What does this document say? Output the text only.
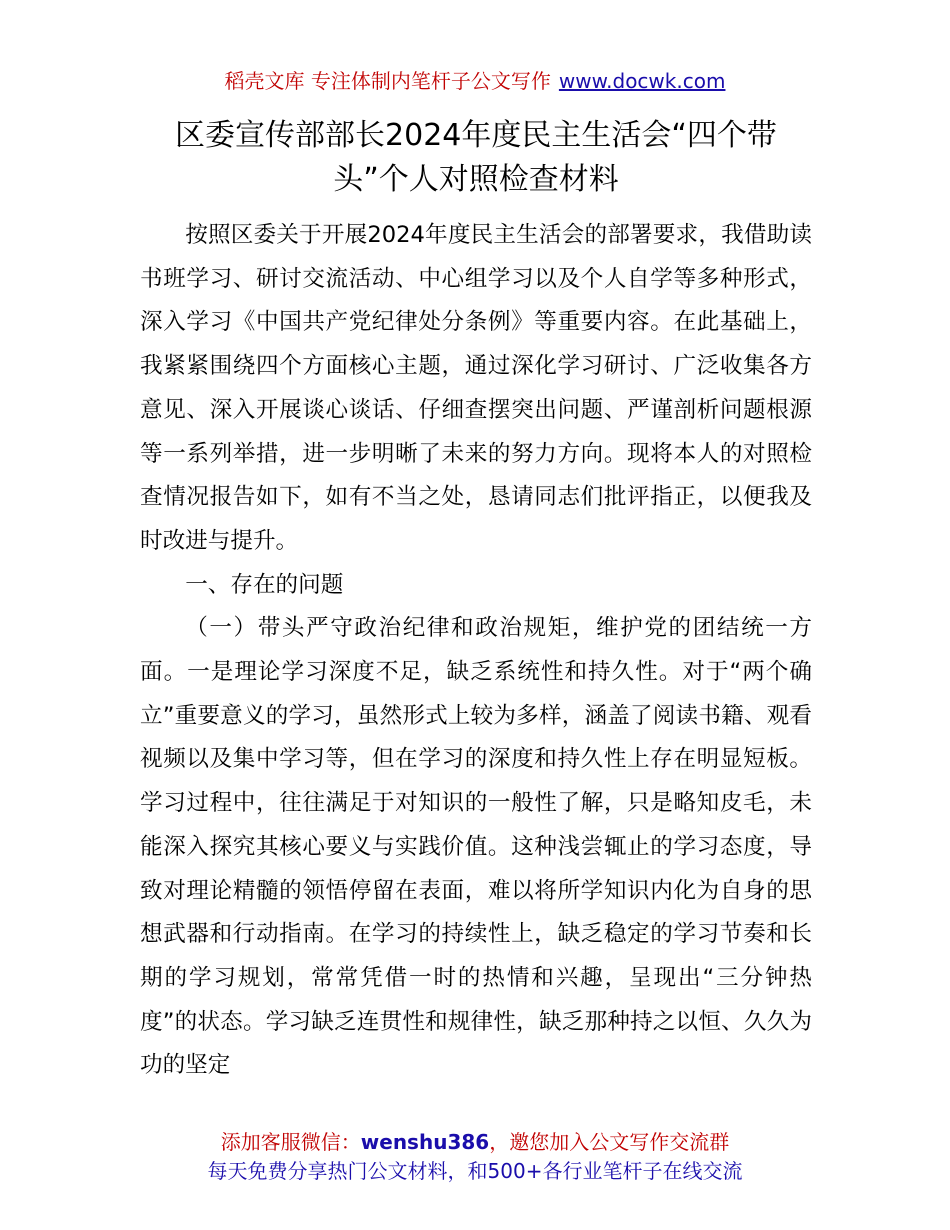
稻壳文库 专注体制内笔杆子公文写作 www.docwk.com
区委宣传部部长2024年度民主生活会“四个带头”个人对照检查材料

按照区委关于开展2024年度民主生活会的部署要求，我借助读书班学习、研讨交流活动、中心组学习以及个人自学等多种形式，深入学习《中国共产党纪律处分条例》等重要内容。在此基础上，我紧紧围绕四个方面核心主题，通过深化学习研讨、广泛收集各方意见、深入开展谈心谈话、仔细查摆突出问题、严谨剖析问题根源等一系列举措，进一步明晰了未来的努力方向。现将本人的对照检查情况报告如下，如有不当之处，恳请同志们批评指正，以便我及时改进与提升。

一、存在的问题

（一）带头严守政治纪律和政治规矩，维护党的团结统一方面。一是理论学习深度不足，缺乏系统性和持久性。对于“两个确立”重要意义的学习，虽然形式上较为多样，涵盖了阅读书籍、观看视频以及集中学习等，但在学习的深度和持久性上存在明显短板。学习过程中，往往满足于对知识的一般性了解，只是略知皮毛，未能深入探究其核心要义与实践价值。这种浅尝辄止的学习态度，导致对理论精髓的领悟停留在表面，难以将所学知识内化为自身的思想武器和行动指南。在学习的持续性上，缺乏稳定的学习节奏和长期的学习规划，常常凭借一时的热情和兴趣，呈现出“三分钟热度”的状态。学习缺乏连贯性和规律性，缺乏那种持之以恒、久久为功的坚定

添加客服微信：wenshu386，邀您加入公文写作交流群
每天免费分享热门公文材料，和500+各行业笔杆子在线交流
